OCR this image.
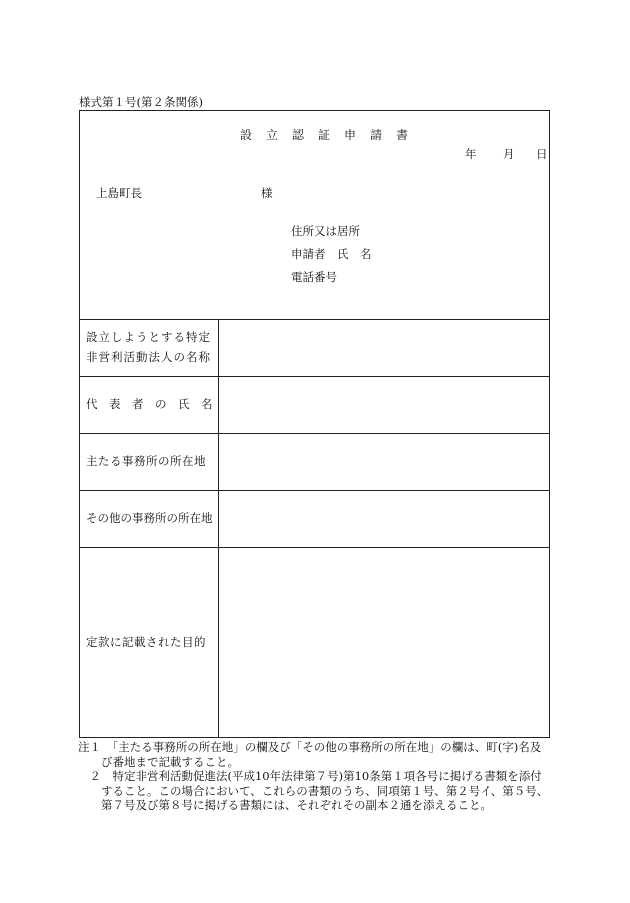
様式第１号(第２条関係)
設　立　認　証　申　請　書
年 月 日
上島町長	様
住所又は居所
申請者　氏　名
電話番号
設立しようとする特定
非営利活動法人の名称
代　表　者　の　氏　名
主たる事務所の所在地
その他の事務所の所在地
定款に記載された目的
注１　「主たる事務所の所在地」の欄及び「その他の事務所の所在地」の欄は、町(字)名及
　　び番地まで記載すること。
　２　特定非営利活動促進法(平成10年法律第７号)第10条第１項各号に掲げる書類を添付
　　すること。この場合において、これらの書類のうち、同項第１号、第２号イ、第５号、
　　第７号及び第８号に掲げる書類には、それぞれその副本２通を添えること。
